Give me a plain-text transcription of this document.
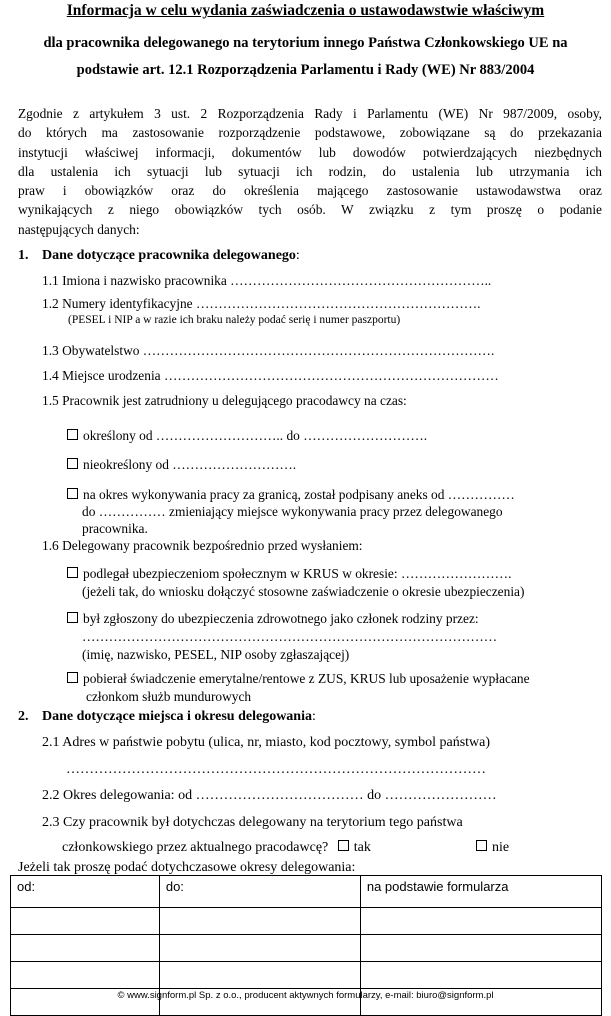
Informacja w celu wydania zaświadczenia o ustawodawstwie właściwym
dla pracownika delegowanego na terytorium innego Państwa Członkowskiego UE na
podstawie art. 12.1 Rozporządzenia Parlamentu i Rady (WE) Nr 883/2004
Zgodnie z artykułem 3 ust. 2 Rozporządzenia Rady i Parlamentu (WE) Nr 987/2009, osoby,
do których ma zastosowanie rozporządzenie podstawowe, zobowiązane są do przekazania
instytucji właściwej informacji, dokumentów lub dowodów potwierdzających niezbędnych
dla ustalenia ich sytuacji lub sytuacji ich rodzin, do ustalenia lub utrzymania ich
praw i obowiązków oraz do określenia mającego zastosowanie ustawodawstwa oraz
wynikających z niego obowiązków tych osób. W związku z tym proszę o podanie
następujących danych:
1. Dane dotyczące pracownika delegowanego:
1.1 Imiona i nazwisko pracownika …………………………………………………..
1.2 Numery identyfikacyjne ……………………………………………………….
(PESEL i NIP a w razie ich braku należy podać serię i numer paszportu)
1.3 Obywatelstwo …………………………………………………………………….
1.4 Miejsce urodzenia …………………………………………………………………
1.5 Pracownik jest zatrudniony u delegującego pracodawcy na czas:
określony od ……………………….. do ……………………….
nieokreślony od ……………………….
na okres wykonywania pracy za granicą, został podpisany aneks od ……………
do …………… zmieniający miejsce wykonywania pracy przez delegowanego
pracownika.
1.6 Delegowany pracownik bezpośrednio przed wysłaniem:
podlegał ubezpieczeniom społecznym w KRUS w okresie: …………………….
(jeżeli tak, do wniosku dołączyć stosowne zaświadczenie o okresie ubezpieczenia)
był zgłoszony do ubezpieczenia zdrowotnego jako członek rodziny przez:
…………………………………………………………………………………
(imię, nazwisko, PESEL, NIP osoby zgłaszającej)
pobierał świadczenie emerytalne/rentowe z ZUS, KRUS lub uposażenie wypłacane
członkom służb mundurowych
2. Dane dotyczące miejsca i okresu delegowania:
2.1 Adres w państwie pobytu (ulica, nr, miasto, kod pocztowy, symbol państwa)
………………………………………………………………………………
2.2 Okres delegowania: od ……………………………… do ……………………
2.3 Czy pracownik był dotychczas delegowany na terytorium tego państwa
członkowskiego przez aktualnego pracodawcę? tak	nie
Jeżeli tak proszę podać dotychczasowe okresy delegowania:
od:	do:	na podstawie formularza

© www.signform.pl Sp. z o.o., producent aktywnych formularzy, e-mail: biuro@signform.pl
